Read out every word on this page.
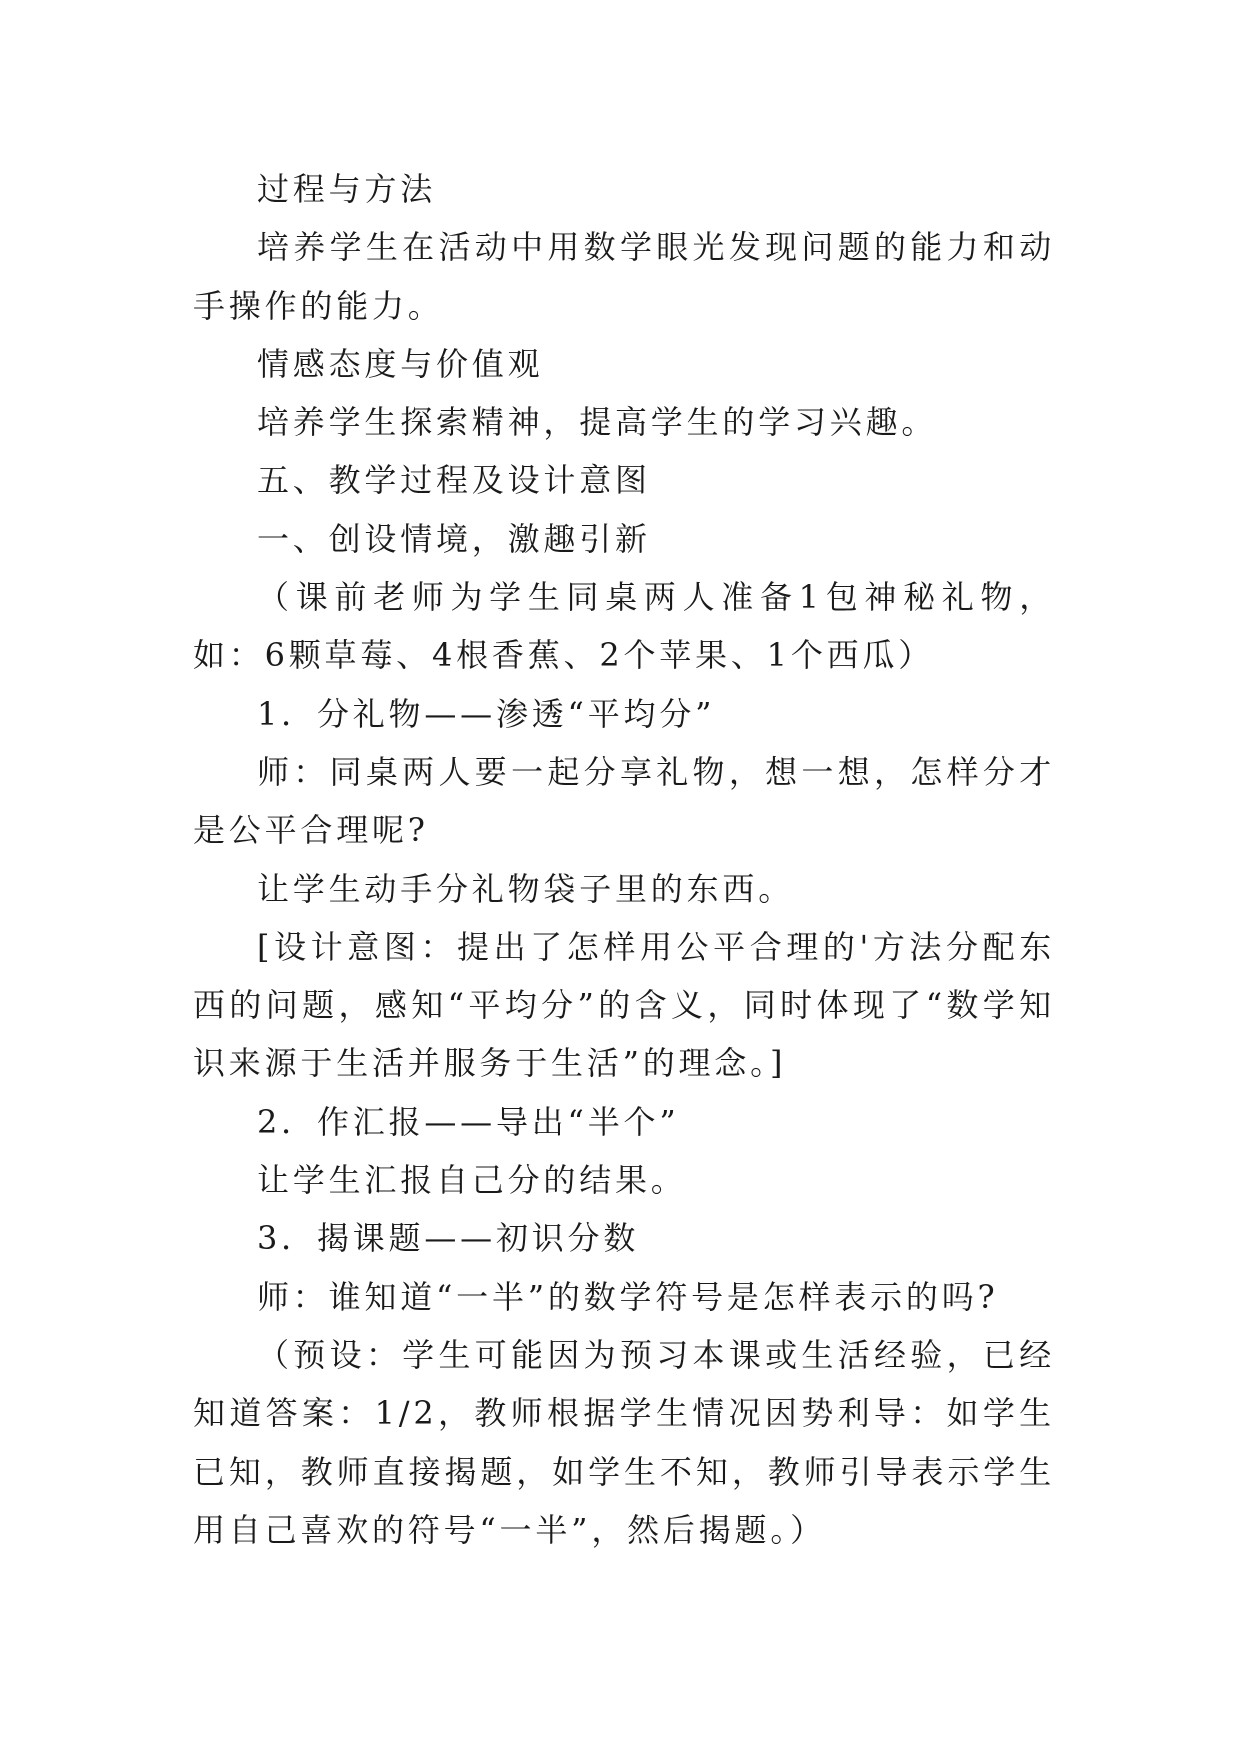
过程与方法

培养学生在活动中用数学眼光发现问题的能力和动手操作的能力。

情感态度与价值观

培养学生探索精神，提高学生的学习兴趣。

五、教学过程及设计意图

一、创设情境，激趣引新

（课前老师为学生同桌两人准备1包神秘礼物，如：6颗草莓、4根香蕉、2个苹果、1个西瓜）

1．分礼物——渗透“平均分”

师：同桌两人要一起分享礼物，想一想，怎样分才是公平合理呢?

让学生动手分礼物袋子里的东西。

[设计意图：提出了怎样用公平合理的'方法分配东西的问题，感知“平均分”的含义，同时体现了“数学知识来源于生活并服务于生活”的理念。]

2．作汇报——导出“半个”

让学生汇报自己分的结果。

3．揭课题——初识分数

师：谁知道“一半”的数学符号是怎样表示的吗?

（预设：学生可能因为预习本课或生活经验，已经知道答案：1/2，教师根据学生情况因势利导：如学生已知，教师直接揭题，如学生不知，教师引导表示学生用自己喜欢的符号“一半”，然后揭题。）
